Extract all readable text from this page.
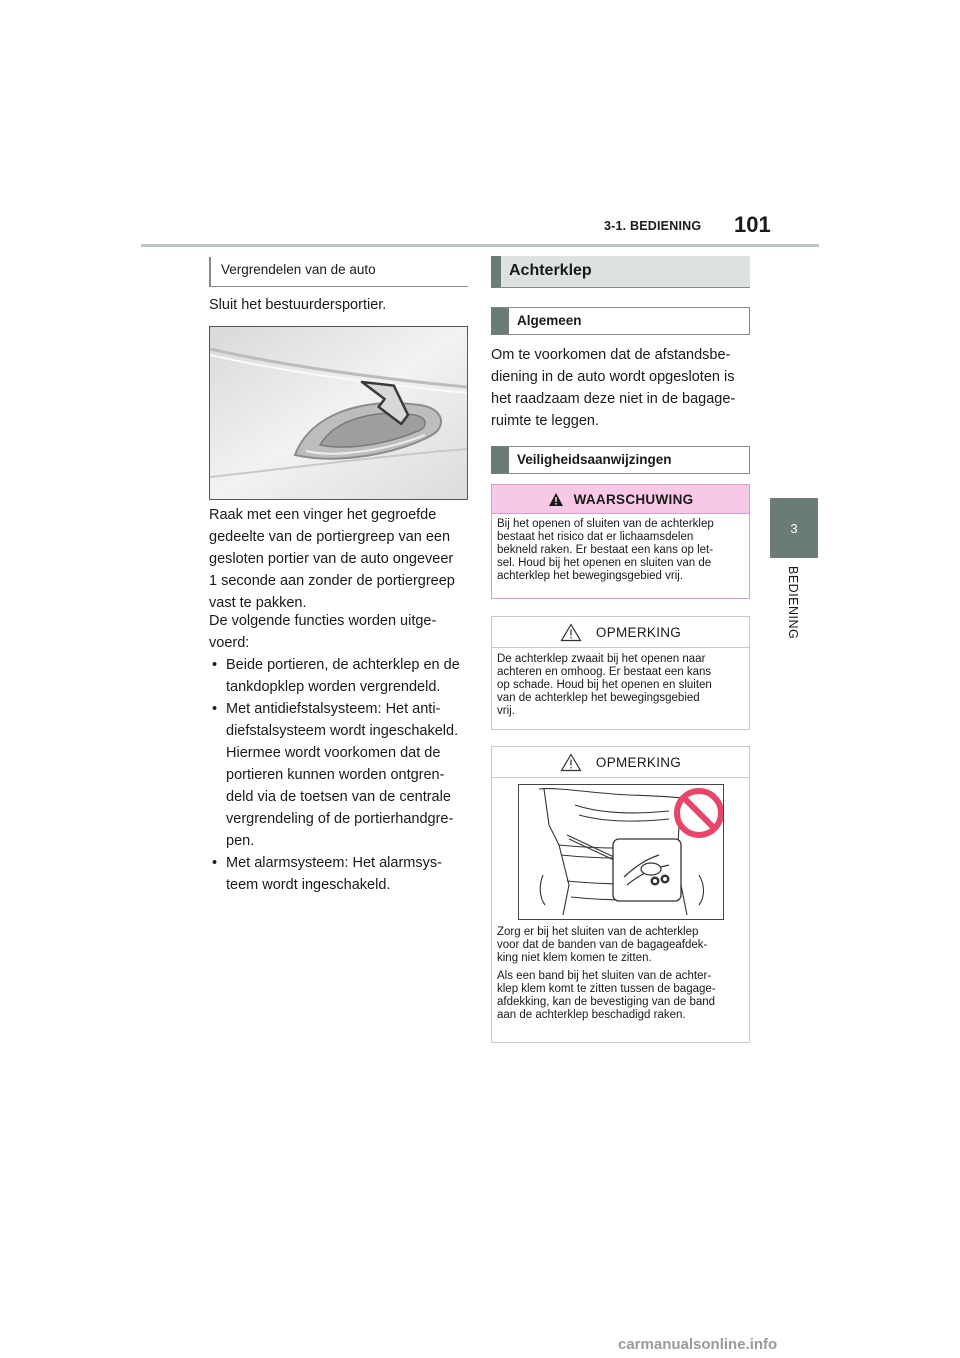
3-1. BEDIENING 101
3
BEDIENING
Vergrendelen van de auto
Sluit het bestuurdersportier.
Raak met een vinger het gegroefde
gedeelte van de portiergreep van een
gesloten portier van de auto ongeveer
1 seconde aan zonder de portiergreep
vast te pakken.
De volgende functies worden uitge-
voerd:
• Beide portieren, de achterklep en de
tankdopklep worden vergrendeld.
• Met antidiefstalsysteem: Het anti-
diefstalsysteem wordt ingeschakeld.
Hiermee wordt voorkomen dat de
portieren kunnen worden ontgren-
deld via de toetsen van de centrale
vergrendeling of de portierhandgre-
pen.
• Met alarmsysteem: Het alarmsys-
teem wordt ingeschakeld.
Achterklep
Algemeen
Om te voorkomen dat de afstandsbe-
diening in de auto wordt opgesloten is
het raadzaam deze niet in de bagage-
ruimte te leggen.
Veiligheidsaanwijzingen
WAARSCHUWING
Bij het openen of sluiten van de achterklep
bestaat het risico dat er lichaamsdelen
bekneld raken. Er bestaat een kans op let-
sel. Houd bij het openen en sluiten van de
achterklep het bewegingsgebied vrij.
OPMERKING
De achterklep zwaait bij het openen naar
achteren en omhoog. Er bestaat een kans
op schade. Houd bij het openen en sluiten
van de achterklep het bewegingsgebied
vrij.
OPMERKING

Zorg er bij het sluiten van de achterklep
voor dat de banden van de bagageafdek-
king niet klem komen te zitten.

Als een band bij het sluiten van de achter-
klep klem komt te zitten tussen de bagage-
afdekking, kan de bevestiging van de band
aan de achterklep beschadigd raken.

carmanualsonline.info
